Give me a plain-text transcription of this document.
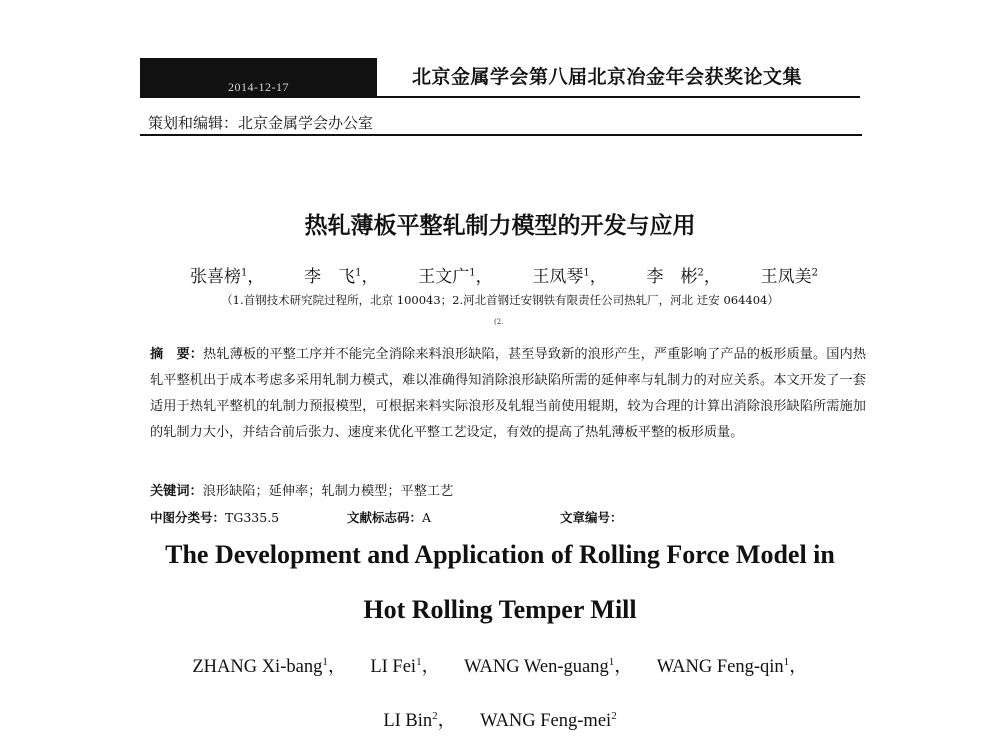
2014-12-17	北京金属学会第八届北京冶金年会获奖论文集
策划和编辑：北京金属学会办公室
热轧薄板平整轧制力模型的开发与应用
张喜榜$^1$， 李　飞$^1$， 王文广$^1$， 王凤琴$^1$， 李　彬$^2$， 王凤美$^2$
（1.首钢技术研究院过程所，北京 100043；2.河北首钢迁安钢铁有限责任公司热轧厂，河北 迁安 064404）
(2.
摘　要：热轧薄板的平整工序并不能完全消除来料浪形缺陷，甚至导致新的浪形产生，严重影响了产品的板形质量。国内热轧平整机出于成本考虑多采用轧制力模式，难以准确得知消除浪形缺陷所需的延伸率与轧制力的对应关系。本文开发了一套适用于热轧平整机的轧制力预报模型，可根据来料实际浪形及轧辊当前使用辊期，较为合理的计算出消除浪形缺陷所需施加的轧制力大小，并结合前后张力、速度来优化平整工艺设定，有效的提高了热轧薄板平整的板形质量。
关键词：浪形缺陷；延伸率；轧制力模型；平整工艺
中图分类号：TG335.5	文献标志码：A	文章编号：
The Development and Application of Rolling Force Model in
Hot Rolling Temper Mill
ZHANG Xi-bang$^1$， LI Fei$^1$， WANG Wen-guang$^1$， WANG Feng-qin$^1$，
LI Bin$^2$， WANG Feng-mei$^2$
